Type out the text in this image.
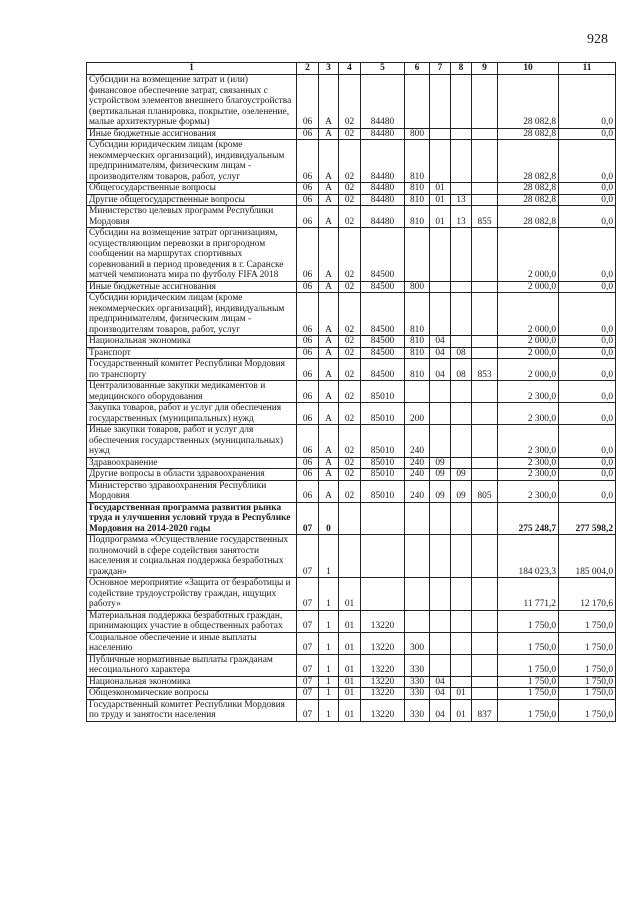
928
1	2	3	4	5	6	7	8	9	10	11
Субсидии на возмещение затрат и (или) финансовое обеспечение затрат, связанных с устройством элементов внешнего благоустройства (вертикальная планировка, покрытие, озеленение, малые архитектурные формы)	06	А	02	84480					28 082,8	0,0
Иные бюджетные ассигнования	06	А	02	84480	800				28 082,8	0,0
Субсидии юридическим лицам (кроме некоммерческих организаций), индивидуальным предпринимателям, физическим лицам - производителям товаров, работ, услуг	06	А	02	84480	810				28 082,8	0,0
Общегосударственные вопросы	06	А	02	84480	810	01			28 082,8	0,0
Другие общегосударственные вопросы	06	А	02	84480	810	01	13		28 082,8	0,0
Министерство целевых программ Республики Мордовия	06	А	02	84480	810	01	13	855	28 082,8	0,0
Субсидии на возмещение затрат организациям, осуществляющим перевозки в пригородном сообщении на маршрутах спортивных соревнований в период проведения в г. Саранске матчей чемпионата мира по футболу FIFA 2018	06	А	02	84500					2 000,0	0,0
Иные бюджетные ассигнования	06	А	02	84500	800				2 000,0	0,0
Субсидии юридическим лицам (кроме некоммерческих организаций), индивидуальным предпринимателям, физическим лицам - производителям товаров, работ, услуг	06	А	02	84500	810				2 000,0	0,0
Национальная экономика	06	А	02	84500	810	04			2 000,0	0,0
Транспорт	06	А	02	84500	810	04	08		2 000,0	0,0
Государственный комитет Республики Мордовия по транспорту	06	А	02	84500	810	04	08	853	2 000,0	0,0
Централизованные закупки медикаментов и медицинского оборудования	06	А	02	85010					2 300,0	0,0
Закупка товаров, работ и услуг для обеспечения государственных (муниципальных) нужд	06	А	02	85010	200				2 300,0	0,0
Иные закупки товаров, работ и услуг для обеспечения государственных (муниципальных) нужд	06	А	02	85010	240				2 300,0	0,0
Здравоохранение	06	А	02	85010	240	09			2 300,0	0,0
Другие вопросы в области здравоохранения	06	А	02	85010	240	09	09		2 300,0	0,0
Министерство здравоохранения Республики Мордовия	06	А	02	85010	240	09	09	805	2 300,0	0,0
Государственная программа развития рынка труда и улучшения условий труда в Республике Мордовия на 2014-2020 годы	07	0							275 248,7	277 598,2
Подпрограмма «Осуществление государственных полномочий в сфере содействия занятости населения и социальная поддержка безработных граждан»	07	1							184 023,3	185 004,0
Основное мероприятие «Защита от безработицы и содействие трудоустройству граждан, ищущих работу»	07	1	01						11 771,2	12 170,6
Материальная поддержка безработных граждан, принимающих участие в общественных работах	07	1	01	13220					1 750,0	1 750,0
Социальное обеспечение и иные выплаты населению	07	1	01	13220	300				1 750,0	1 750,0
Публичные нормативные выплаты гражданам несоциального характера	07	1	01	13220	330				1 750,0	1 750,0
Национальная экономика	07	1	01	13220	330	04			1 750,0	1 750,0
Общеэкономические вопросы	07	1	01	13220	330	04	01		1 750,0	1 750,0
Государственный комитет Республики Мордовия по труду и занятости населения	07	1	01	13220	330	04	01	837	1 750,0	1 750,0
